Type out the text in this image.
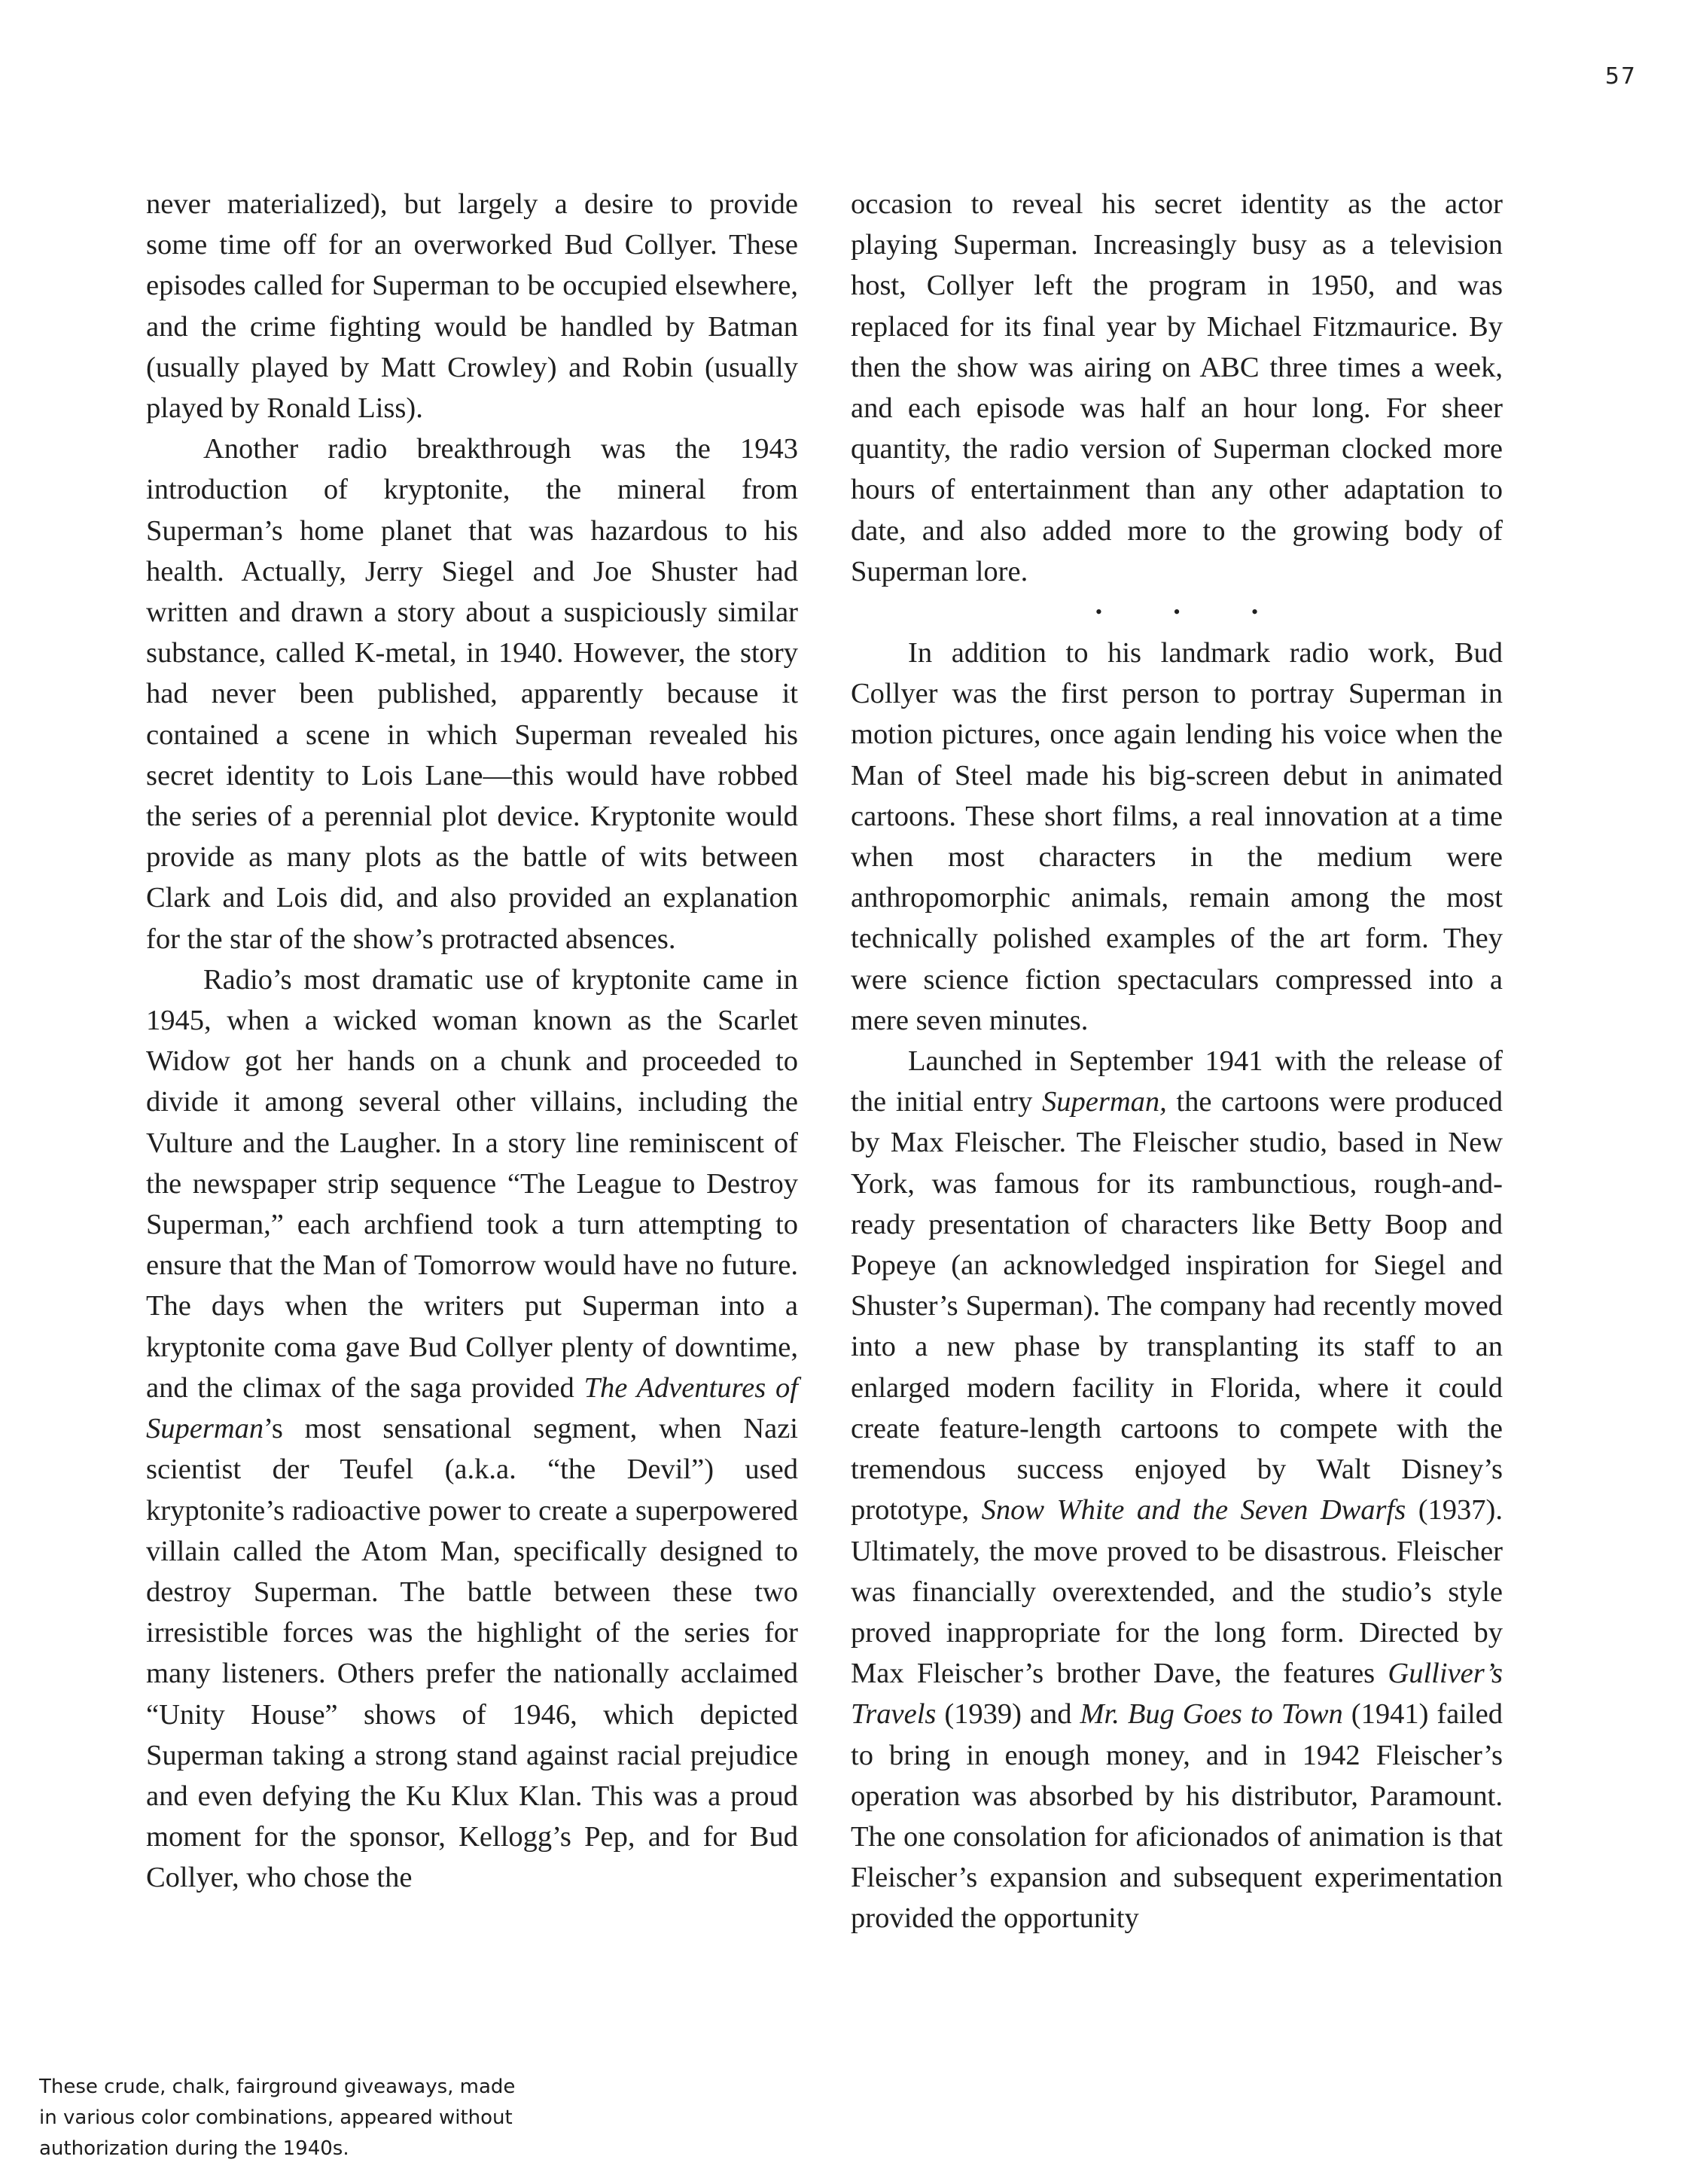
57

never materialized), but largely a desire to provide some time off for an overworked Bud Collyer. These episodes called for Superman to be occupied elsewhere, and the crime fighting would be handled by Batman (usually played by Matt Crowley) and Robin (usually played by Ronald Liss).

Another radio breakthrough was the 1943 introduction of kryptonite, the mineral from Superman’s home planet that was hazardous to his health. Actually, Jerry Siegel and Joe Shuster had written and drawn a story about a suspiciously similar substance, called K-metal, in 1940. However, the story had never been published, apparently because it contained a scene in which Superman revealed his secret identity to Lois Lane—this would have robbed the series of a perennial plot device. Kryptonite would provide as many plots as the battle of wits between Clark and Lois did, and also provided an explanation for the star of the show’s protracted absences.

Radio’s most dramatic use of kryptonite came in 1945, when a wicked woman known as the Scarlet Widow got her hands on a chunk and proceeded to divide it among several other villains, including the Vulture and the Laugher. In a story line reminiscent of the newspaper strip sequence “The League to Destroy Superman,” each archfiend took a turn attempting to ensure that the Man of Tomorrow would have no future. The days when the writers put Superman into a kryptonite coma gave Bud Collyer plenty of downtime, and the climax of the saga provided The Adventures of Superman’s most sensational segment, when Nazi scientist der Teufel (a.k.a. “the Devil”) used kryptonite’s radioactive power to create a superpowered villain called the Atom Man, specifically designed to destroy Superman. The battle between these two irresistible forces was the highlight of the series for many listeners. Others prefer the nationally acclaimed “Unity House” shows of 1946, which depicted Superman taking a strong stand against racial prejudice and even defying the Ku Klux Klan. This was a proud moment for the sponsor, Kellogg’s Pep, and for Bud Collyer, who chose the

occasion to reveal his secret identity as the actor playing Superman. Increasingly busy as a television host, Collyer left the program in 1950, and was replaced for its final year by Michael Fitzmaurice. By then the show was airing on ABC three times a week, and each episode was half an hour long. For sheer quantity, the radio version of Superman clocked more hours of entertainment than any other adaptation to date, and also added more to the growing body of Superman lore.

• • •

In addition to his landmark radio work, Bud Collyer was the first person to portray Superman in motion pictures, once again lending his voice when the Man of Steel made his big-screen debut in animated cartoons. These short films, a real innovation at a time when most characters in the medium were anthropomorphic animals, remain among the most technically polished examples of the art form. They were science fiction spectaculars compressed into a mere seven minutes.

Launched in September 1941 with the release of the initial entry Superman, the cartoons were produced by Max Fleischer. The Fleischer studio, based in New York, was famous for its rambunctious, rough-and-ready presentation of characters like Betty Boop and Popeye (an acknowledged inspiration for Siegel and Shuster’s Superman). The company had recently moved into a new phase by transplanting its staff to an enlarged modern facility in Florida, where it could create feature-length cartoons to compete with the tremendous success enjoyed by Walt Disney’s prototype, Snow White and the Seven Dwarfs (1937). Ultimately, the move proved to be disastrous. Fleischer was financially overextended, and the studio’s style proved inappropriate for the long form. Directed by Max Fleischer’s brother Dave, the features Gulliver’s Travels (1939) and Mr. Bug Goes to Town (1941) failed to bring in enough money, and in 1942 Fleischer’s operation was absorbed by his distributor, Paramount. The one consolation for aficionados of animation is that Fleischer’s expansion and subsequent experimentation provided the opportunity

These crude, chalk, fairground giveaways, made
in various color combinations, appeared without
authorization during the 1940s.
